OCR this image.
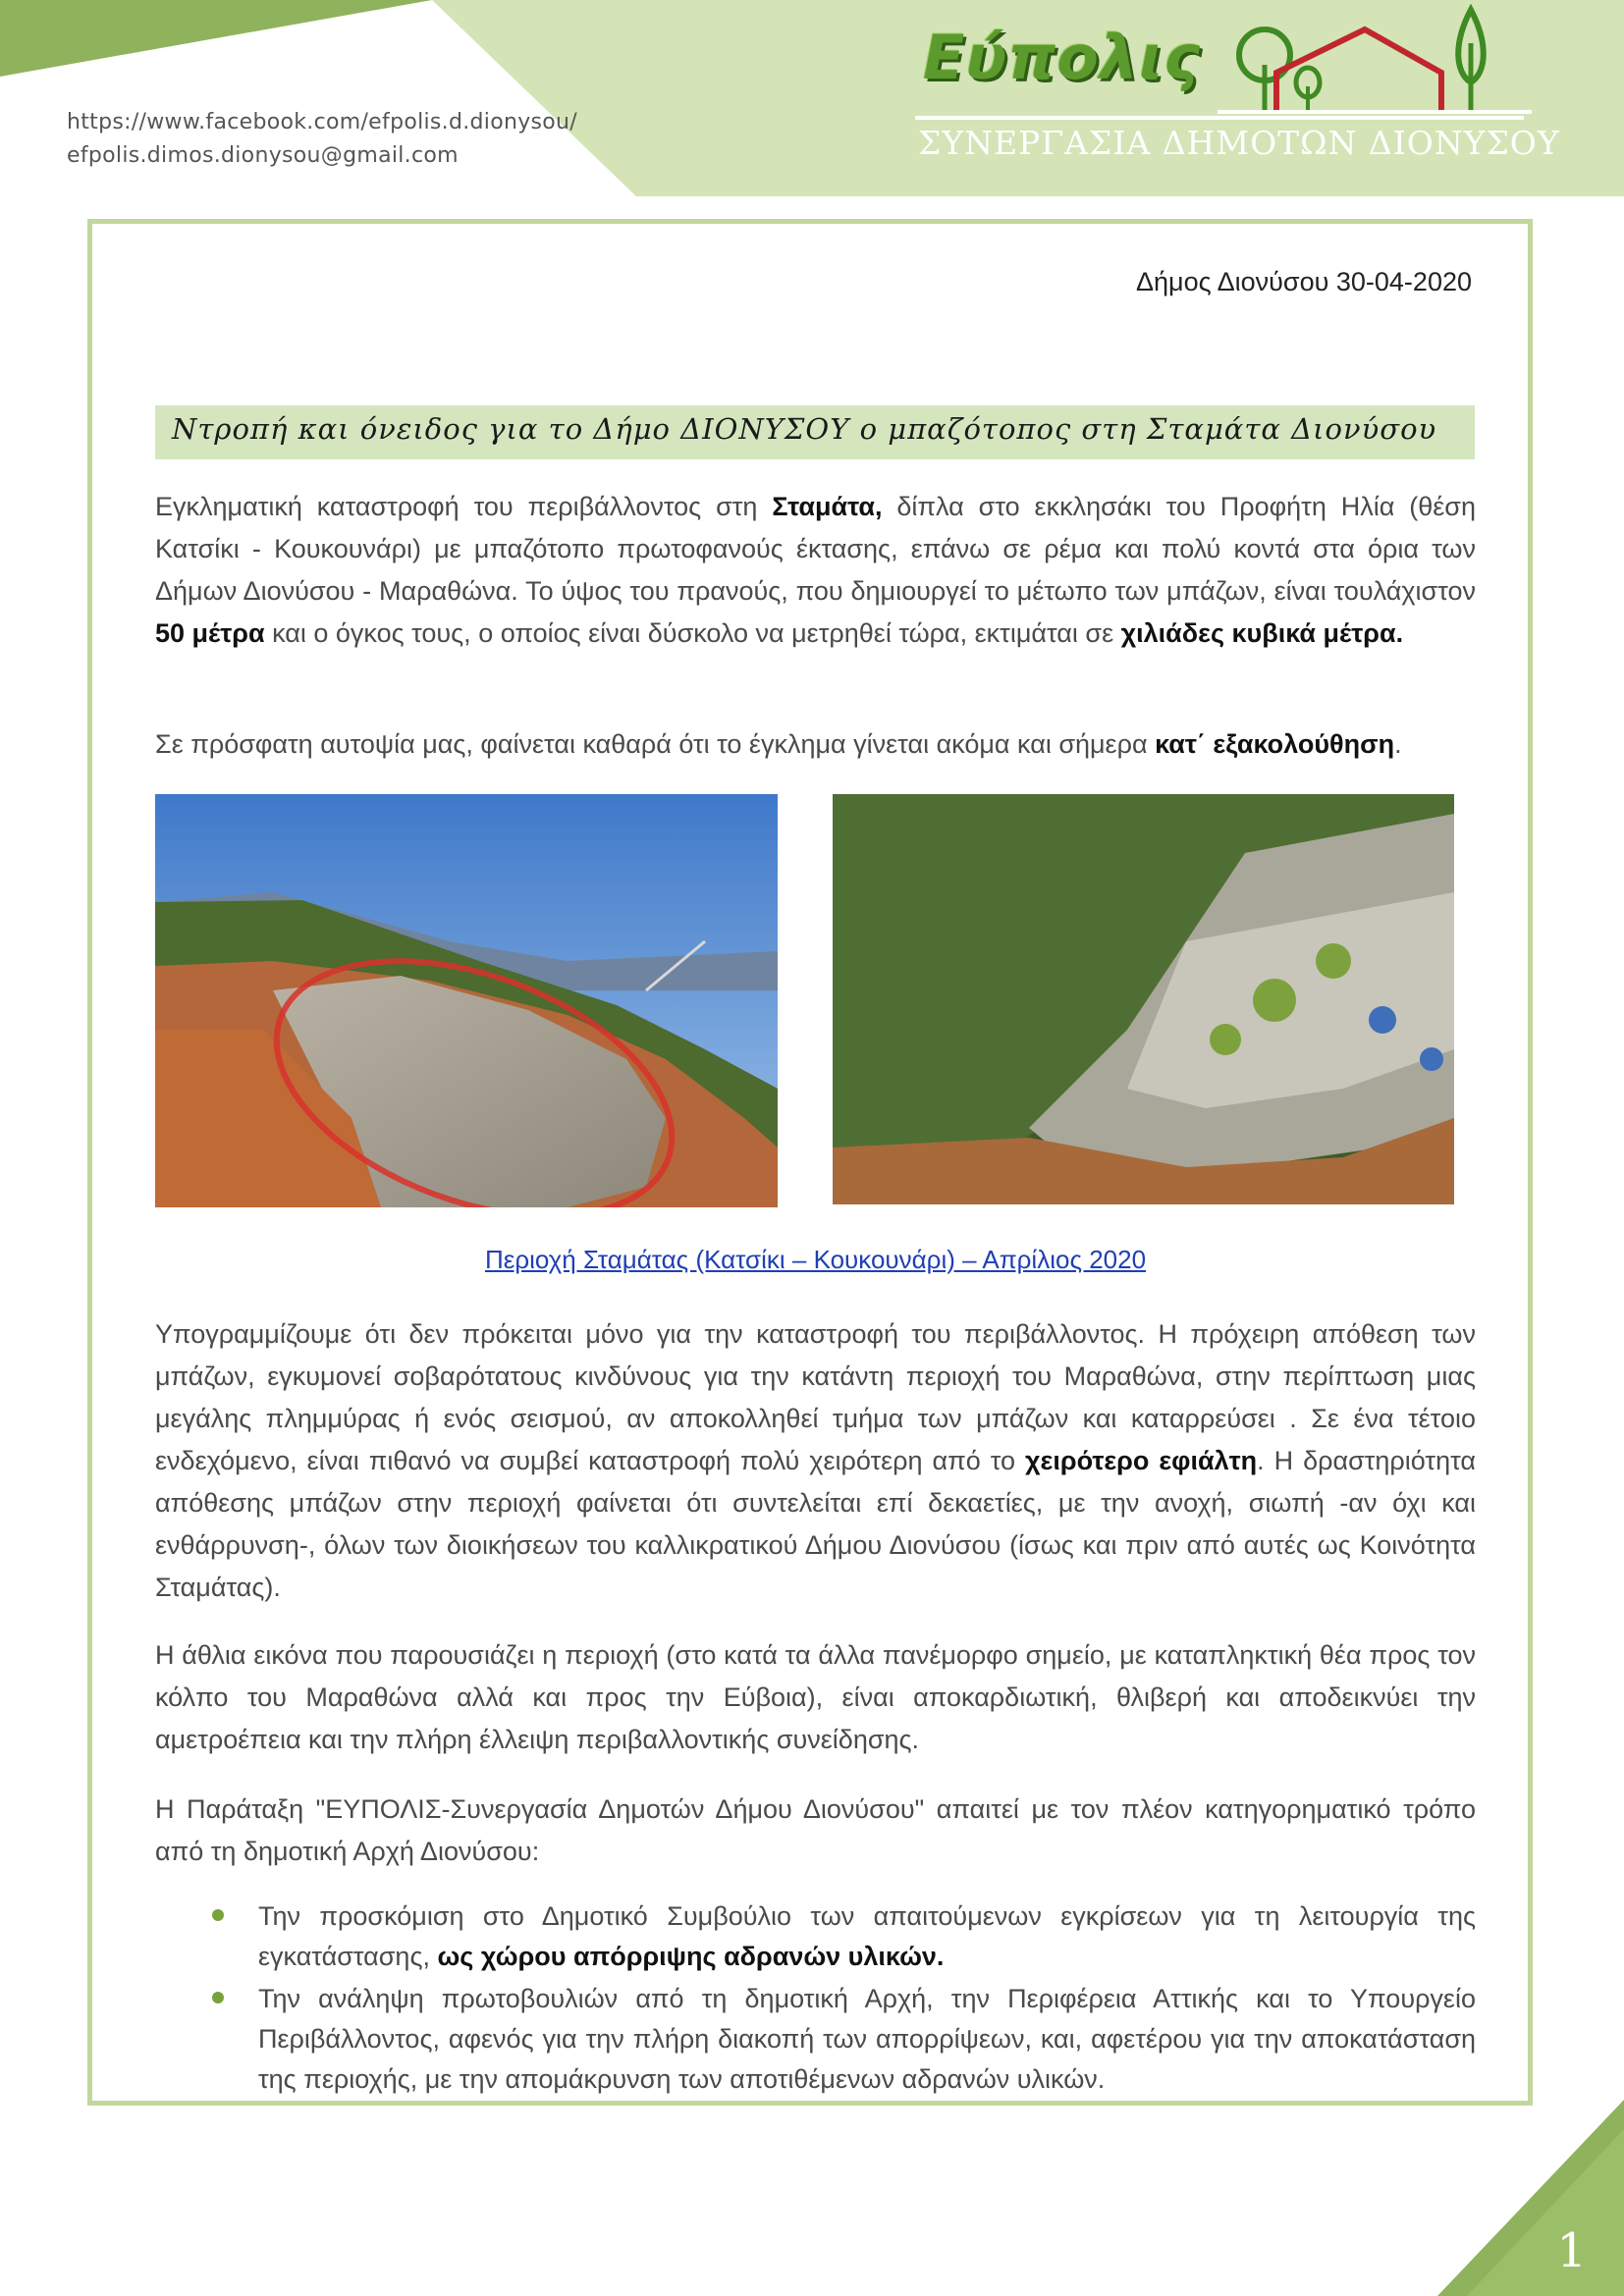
https://www.facebook.com/efpolis.d.dionysou/
efpolis.dimos.dionysou@gmail.com
Εύπολις
ΣΥΝΕΡΓΑΣΙΑ ΔΗΜΟΤΩΝ ΔΙΟΝΥΣΟΥ
Δήμος Διονύσου 30-04-2020
Ντροπή και όνειδος για το Δήμο ΔΙΟΝΥΣΟΥ ο μπαζότοπος στη Σταμάτα Διονύσου
Εγκληματική καταστροφή του περιβάλλοντος στη Σταμάτα, δίπλα στο εκκλησάκι του Προφήτη Ηλία (θέση Κατσίκι - Κουκουνάρι) με μπαζότοπο πρωτοφανούς έκτασης, επάνω σε ρέμα και πολύ κοντά στα όρια των Δήμων Διονύσου - Μαραθώνα. Το ύψος του πρανούς, που δημιουργεί το μέτωπο των μπάζων, είναι τουλάχιστον 50 μέτρα και ο όγκος τους, ο οποίος είναι δύσκολο να μετρηθεί τώρα, εκτιμάται σε χιλιάδες κυβικά μέτρα.
Σε πρόσφατη αυτοψία μας, φαίνεται καθαρά ότι το έγκλημα γίνεται ακόμα και σήμερα κατ΄ εξακολούθηση.
Περιοχή Σταμάτας (Κατσίκι – Κουκουνάρι) – Απρίλιος 2020
Υπογραμμίζουμε ότι δεν πρόκειται μόνο για την καταστροφή του περιβάλλοντος. Η πρόχειρη απόθεση των μπάζων, εγκυμονεί σοβαρότατους κινδύνους για την κατάντη περιοχή του Μαραθώνα, στην περίπτωση μιας μεγάλης πλημμύρας ή ενός σεισμού, αν αποκολληθεί τμήμα των μπάζων και καταρρεύσει . Σε ένα τέτοιο ενδεχόμενο, είναι πιθανό να συμβεί καταστροφή πολύ χειρότερη από το χειρότερο εφιάλτη. Η δραστηριότητα απόθεσης μπάζων στην περιοχή φαίνεται ότι συντελείται επί δεκαετίες, με την ανοχή, σιωπή -αν όχι και ενθάρρυνση-, όλων των διοικήσεων του καλλικρατικού Δήμου Διονύσου (ίσως και πριν από αυτές ως Κοινότητα Σταμάτας).
Η άθλια εικόνα που παρουσιάζει η περιοχή (στο κατά τα άλλα πανέμορφο σημείο, με καταπληκτική θέα προς τον κόλπο του Μαραθώνα αλλά και προς την Εύβοια), είναι αποκαρδιωτική, θλιβερή και αποδεικνύει την αμετροέπεια και την πλήρη έλλειψη περιβαλλοντικής συνείδησης.
Η Παράταξη "ΕΥΠΟΛΙΣ-Συνεργασία Δημοτών Δήμου Διονύσου" απαιτεί με τον πλέον κατηγορηματικό τρόπο από τη δημοτική Αρχή Διονύσου:
Την προσκόμιση στο Δημοτικό Συμβούλιο των απαιτούμενων εγκρίσεων για τη λειτουργία της εγκατάστασης, ως χώρου απόρριψης αδρανών υλικών.
Την ανάληψη πρωτοβουλιών από τη δημοτική Αρχή, την Περιφέρεια Αττικής και το Υπουργείο Περιβάλλοντος, αφενός για την πλήρη διακοπή των απορρίψεων, και, αφετέρου για την αποκατάσταση της περιοχής, με την απομάκρυνση των αποτιθέμενων αδρανών υλικών.
1
